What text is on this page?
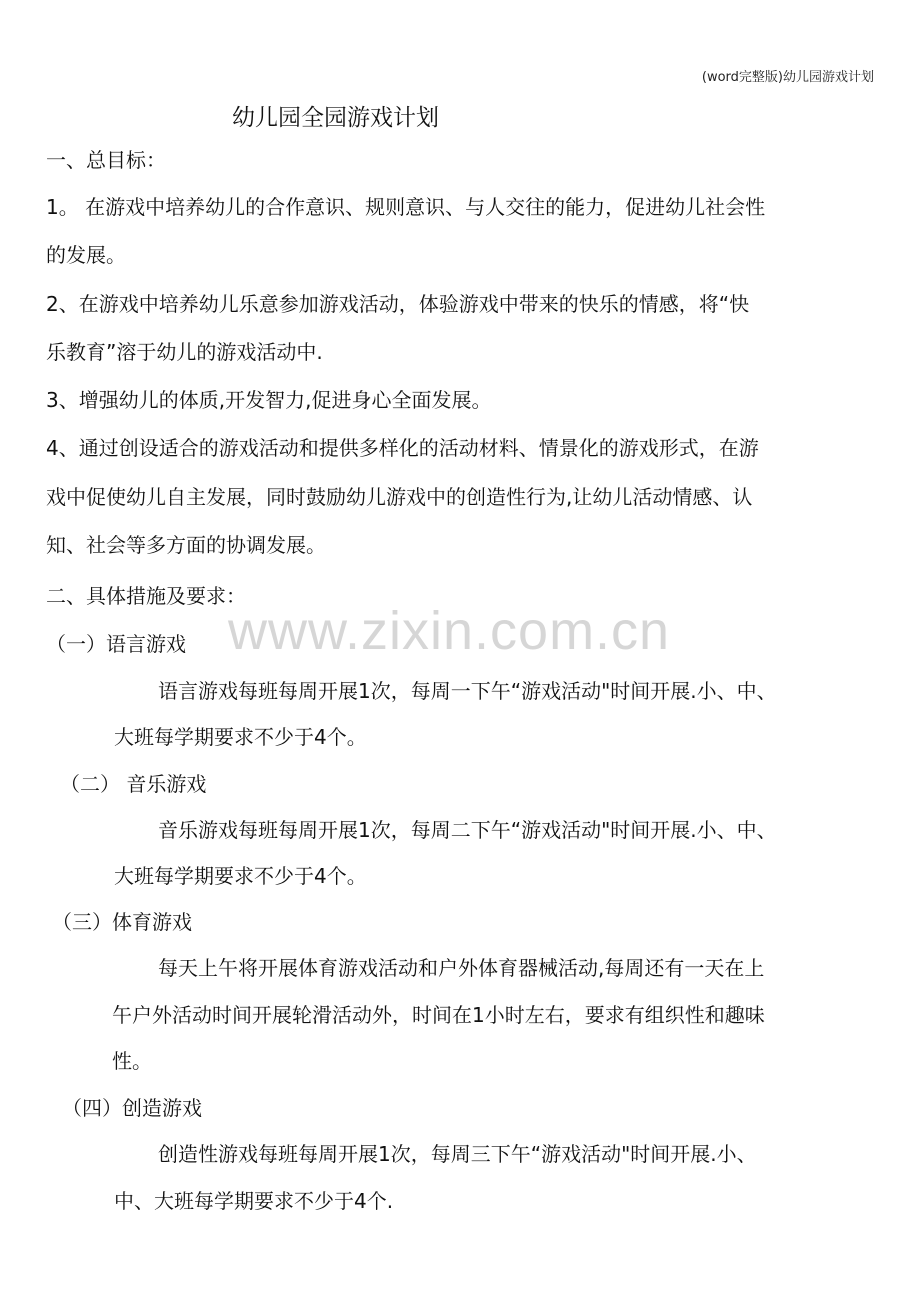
(word完整版)幼儿园游戏计划
幼儿园全园游戏计划
一、总目标：
1。 在游戏中培养幼儿的合作意识、规则意识、与人交往的能力，促进幼儿社会性
的发展。
2、在游戏中培养幼儿乐意参加游戏活动，体验游戏中带来的快乐的情感，将“快
乐教育”溶于幼儿的游戏活动中.
3、增强幼儿的体质,开发智力,促进身心全面发展。
4、通过创设适合的游戏活动和提供多样化的活动材料、情景化的游戏形式，在游
戏中促使幼儿自主发展，同时鼓励幼儿游戏中的创造性行为,让幼儿活动情感、认
知、社会等多方面的协调发展。
二、具体措施及要求：
（一）语言游戏
语言游戏每班每周开展1次，每周一下午“游戏活动"时间开展.小、中、
大班每学期要求不少于4个。
（二） 音乐游戏
音乐游戏每班每周开展1次，每周二下午“游戏活动"时间开展.小、中、
大班每学期要求不少于4个。
（三）体育游戏
每天上午将开展体育游戏活动和户外体育器械活动,每周还有一天在上
午户外活动时间开展轮滑活动外，时间在1小时左右，要求有组织性和趣味
性。
（四）创造游戏
创造性游戏每班每周开展1次，每周三下午“游戏活动"时间开展.小、
中、大班每学期要求不少于4个.
www.zixin.com.cn
